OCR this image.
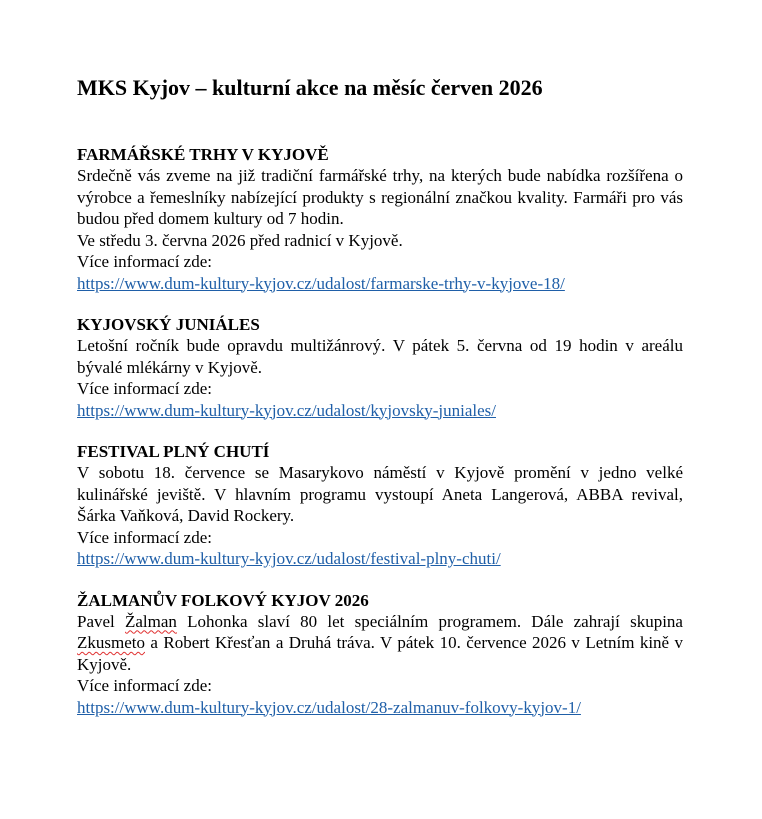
MKS Kyjov – kulturní akce na měsíc červen 2026

FARMÁŘSKÉ TRHY V KYJOVĚ

Srdečně vás zveme na již tradiční farmářské trhy, na kterých bude nabídka rozšířena o výrobce a řemeslníky nabízející produkty s regionální značkou kvality. Farmáři pro vás budou před domem kultury od 7 hodin.

Ve středu 3. června 2026 před radnicí v Kyjově.

Více informací zde:

https://www.dum-kultury-kyjov.cz/udalost/farmarske-trhy-v-kyjove-18/

KYJOVSKÝ JUNIÁLES

Letošní ročník bude opravdu multižánrový. V pátek 5. června od 19 hodin v areálu bývalé mlékárny v Kyjově.

Více informací zde:

https://www.dum-kultury-kyjov.cz/udalost/kyjovsky-juniales/

FESTIVAL PLNÝ CHUTÍ

V sobotu 18. července se Masarykovo náměstí v Kyjově promění v jedno velké kulinářské jeviště. V hlavním programu vystoupí Aneta Langerová, ABBA revival, Šárka Vaňková, David Rockery.

Více informací zde:

https://www.dum-kultury-kyjov.cz/udalost/festival-plny-chuti/

ŽALMANŮV FOLKOVÝ KYJOV 2026

Pavel Žalman Lohonka slaví 80 let speciálním programem. Dále zahrají skupina Zkusmeto a Robert Křesťan a Druhá tráva. V pátek 10. července 2026 v Letním kině v Kyjově.

Více informací zde:

https://www.dum-kultury-kyjov.cz/udalost/28-zalmanuv-folkovy-kyjov-1/
